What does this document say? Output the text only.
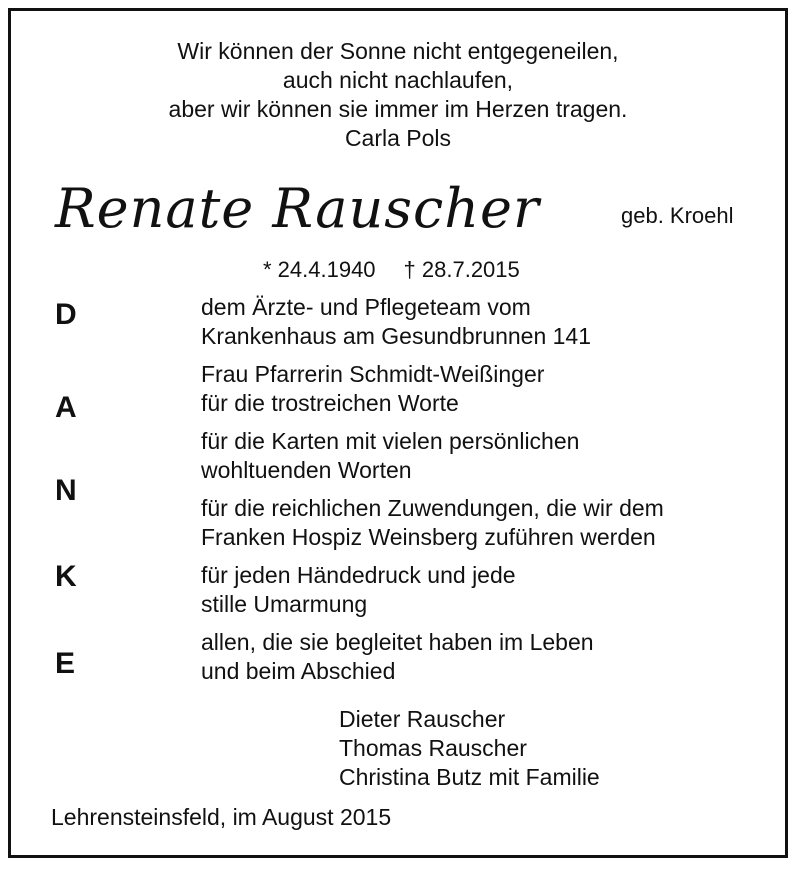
Wir können der Sonne nicht entgegeneilen,
auch nicht nachlaufen,
aber wir können sie immer im Herzen tragen.
Carla Pols
Renate Rauscher	geb. Kroehl
* 24.4.1940 † 28.7.2015
D
A
N
K
E
dem Ärzte- und Pflegeteam vom
Krankenhaus am Gesundbrunnen 141
Frau Pfarrerin Schmidt-Weißinger
für die trostreichen Worte
für die Karten mit vielen persönlichen
wohltuenden Worten
für die reichlichen Zuwendungen, die wir dem
Franken Hospiz Weinsberg zuführen werden
für jeden Händedruck und jede
stille Umarmung
allen, die sie begleitet haben im Leben
und beim Abschied
Dieter Rauscher
Thomas Rauscher
Christina Butz mit Familie
Lehrensteinsfeld, im August 2015
